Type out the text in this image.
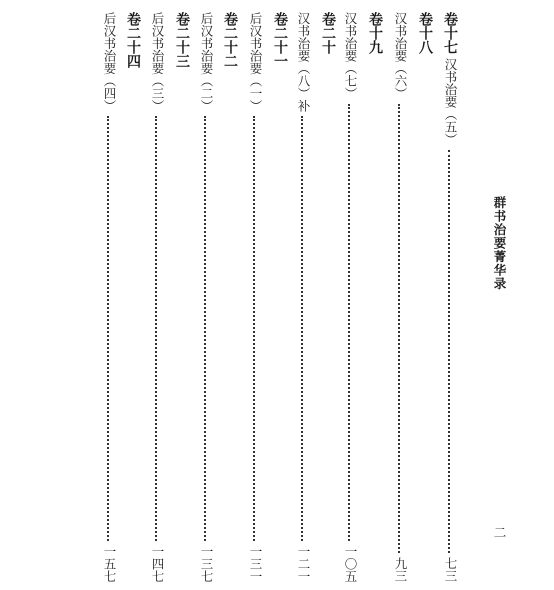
群书治要菁华录
二
卷十七
汉书治要（五）
七三
卷十八
汉书治要（六）
九三
卷十九
汉书治要（七）
一〇五
卷二十
汉书治要（八）补
一二一
卷二十一
后汉书治要（一）
一三一
卷二十二
后汉书治要（二）
一三七
卷二十三
后汉书治要（三）
一四七
卷二十四
后汉书治要（四）
一五七
